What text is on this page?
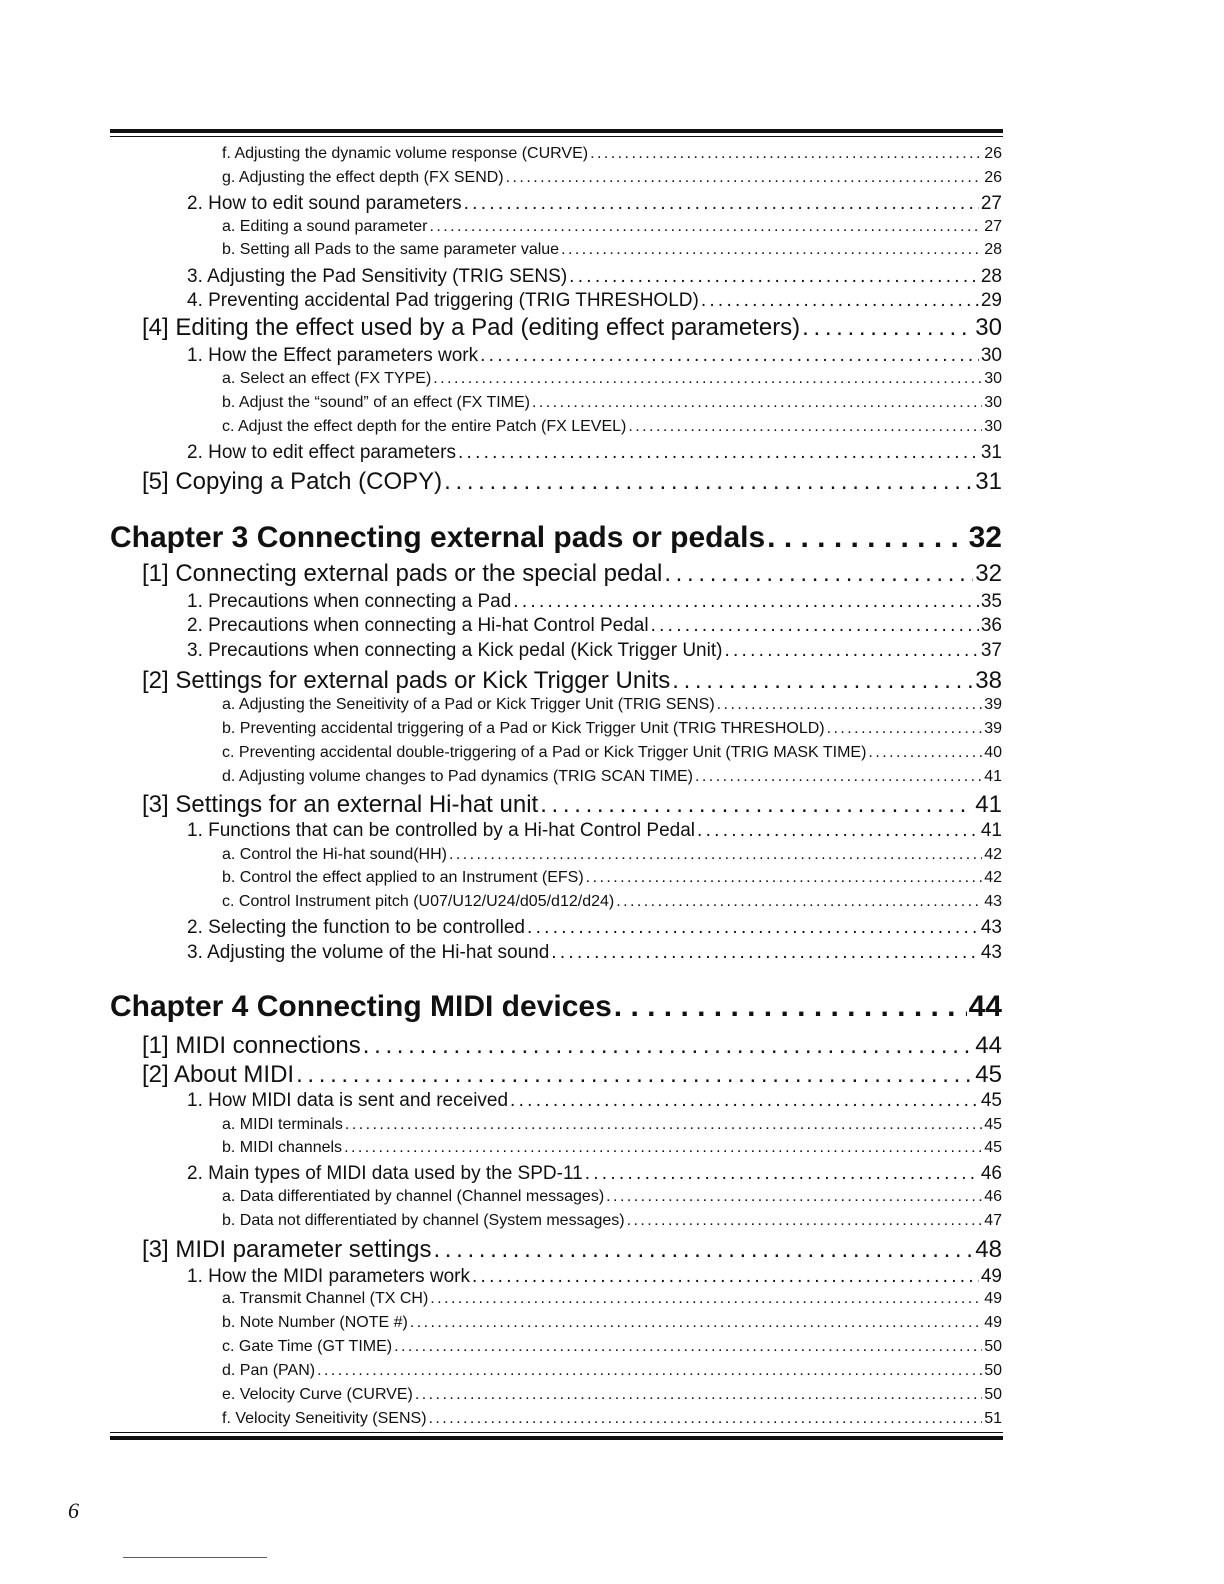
f. Adjusting the dynamic volume response (CURVE) . . .	26
g. Adjusting the effect depth (FX SEND) . . .	26
2. How to edit sound parameters . . .	27
a. Editing a sound parameter . . .	27
b. Setting all Pads to the same parameter value . . .	28
3. Adjusting the Pad Sensitivity (TRIG SENS) . . .	28
4. Preventing accidental Pad triggering (TRIG THRESHOLD) . . .	29
[4] Editing the effect used by a Pad (editing effect parameters) . . .	30
1. How the Effect parameters work . . .	30
a. Select an effect (FX TYPE) . . .	30
b. Adjust the “sound” of an effect (FX TIME) . . .	30
c. Adjust the effect depth for the entire Patch (FX LEVEL) . . .	30
2. How to edit effect parameters . . .	31
[5] Copying a Patch (COPY) . . .	31
Chapter 3 Connecting external pads or pedals . . .	32
[1] Connecting external pads or the special pedal . . .	32
1. Precautions when connecting a Pad . . .	35
2. Precautions when connecting a Hi-hat Control Pedal . . .	36
3. Precautions when connecting a Kick pedal (Kick Trigger Unit) . . .	37
[2] Settings for external pads or Kick Trigger Units . . .	38
a. Adjusting the Seneitivity of a Pad or Kick Trigger Unit (TRIG SENS) . . .	39
b. Preventing accidental triggering of a Pad or Kick Trigger Unit (TRIG THRESHOLD) . . .	39
c. Preventing accidental double-triggering of a Pad or Kick Trigger Unit (TRIG MASK TIME) . . .	40
d. Adjusting volume changes to Pad dynamics (TRIG SCAN TIME) . . .	41
[3] Settings for an external Hi-hat unit . . .	41
1. Functions that can be controlled by a Hi-hat Control Pedal . . .	41
a. Control the Hi-hat sound(HH) . . .	42
b. Control the effect applied to an Instrument (EFS) . . .	42
c. Control Instrument pitch (U07/U12/U24/d05/d12/d24) . . .	43
2. Selecting the function to be controlled . . .	43
3. Adjusting the volume of the Hi-hat sound . . .	43
Chapter 4 Connecting MIDI devices . . .	44
[1] MIDI connections . . .	44
[2] About MIDI . . .	45
1. How MIDI data is sent and received . . .	45
a. MIDI terminals . . .	45
b. MIDI channels . . .	45
2. Main types of MIDI data used by the SPD-11 . . .	46
a. Data differentiated by channel (Channel messages) . . .	46
b. Data not differentiated by channel (System messages) . . .	47
[3] MIDI parameter settings . . .	48
1. How the MIDI parameters work . . .	49
a. Transmit Channel (TX CH) . . .	49
b. Note Number (NOTE #) . . .	49
c. Gate Time (GT TIME) . . .	50
d. Pan (PAN) . . .	50
e. Velocity Curve (CURVE) . . .	50
f. Velocity Seneitivity (SENS) . . .	51
6
